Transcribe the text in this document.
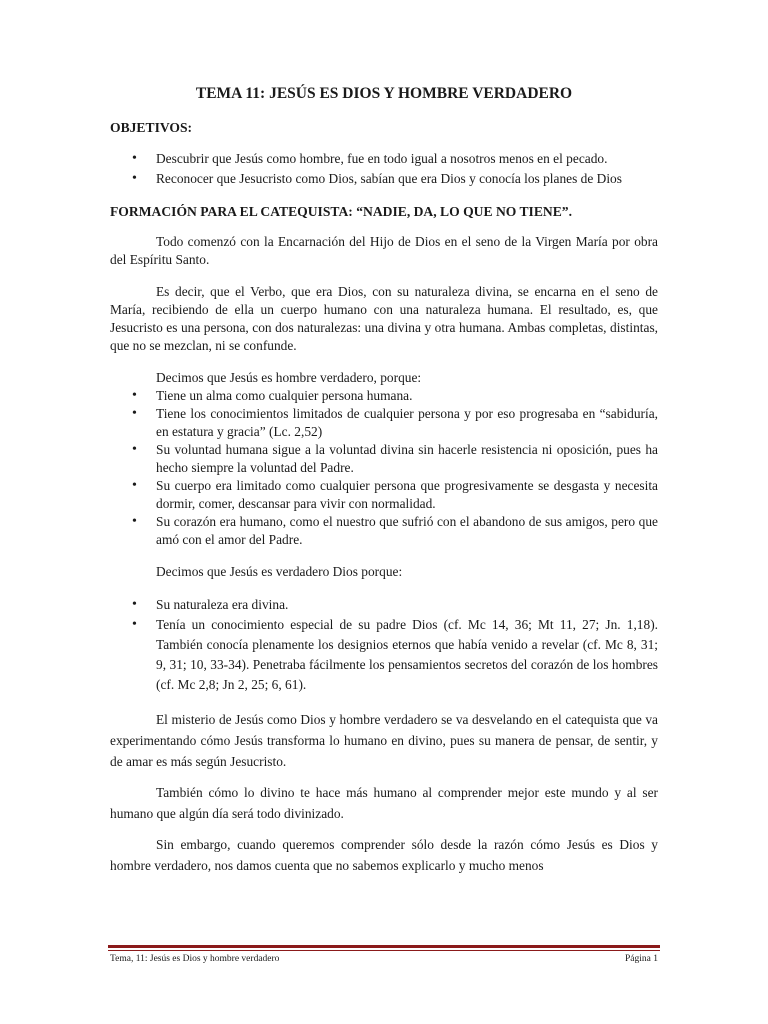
TEMA 11: JESÚS ES DIOS Y HOMBRE VERDADERO
OBJETIVOS:
• Descubrir que Jesús como hombre, fue en todo igual a nosotros menos en el pecado.
• Reconocer que Jesucristo como Dios, sabían que era Dios y conocía los planes de Dios
FORMACIÓN PARA EL CATEQUISTA: “NADIE, DA, LO QUE NO TIENE”.

Todo comenzó con la Encarnación del Hijo de Dios en el seno de la Virgen María por obra del Espíritu Santo.

Es decir, que el Verbo, que era Dios, con su naturaleza divina, se encarna en el seno de María, recibiendo de ella un cuerpo humano con una naturaleza humana. El resultado, es, que Jesucristo es una persona, con dos naturalezas: una divina y otra humana. Ambas completas, distintas, que no se mezclan, ni se confunde.

Decimos que Jesús es hombre verdadero, porque:

• Tiene un alma como cualquier persona humana.
• Tiene los conocimientos limitados de cualquier persona y por eso progresaba en “sabiduría, en estatura y gracia” (Lc. 2,52)
• Su voluntad humana sigue a la voluntad divina sin hacerle resistencia ni oposición, pues ha hecho siempre la voluntad del Padre.
• Su cuerpo era limitado como cualquier persona que progresivamente se desgasta y necesita dormir, comer, descansar para vivir con normalidad.
• Su corazón era humano, como el nuestro que sufrió con el abandono de sus amigos, pero que amó con el amor del Padre.

Decimos que Jesús es verdadero Dios porque:

• Su naturaleza era divina.
• Tenía un conocimiento especial de su padre Dios (cf. Mc 14, 36; Mt 11, 27; Jn. 1,18). También conocía plenamente los designios eternos que había venido a revelar (cf. Mc 8, 31; 9, 31; 10, 33-34). Penetraba fácilmente los pensamientos secretos del corazón de los hombres (cf. Mc 2,8; Jn 2, 25; 6, 61).

El misterio de Jesús como Dios y hombre verdadero se va desvelando en el catequista que va experimentando cómo Jesús transforma lo humano en divino, pues su manera de pensar, de sentir, y de amar es más según Jesucristo.

También cómo lo divino te hace más humano al comprender mejor este mundo y al ser humano que algún día será todo divinizado.

Sin embargo, cuando queremos comprender sólo desde la razón cómo Jesús es Dios y hombre verdadero, nos damos cuenta que no sabemos explicarlo y mucho menos

Tema, 11: Jesús es Dios y hombre verdadero	Página 1
